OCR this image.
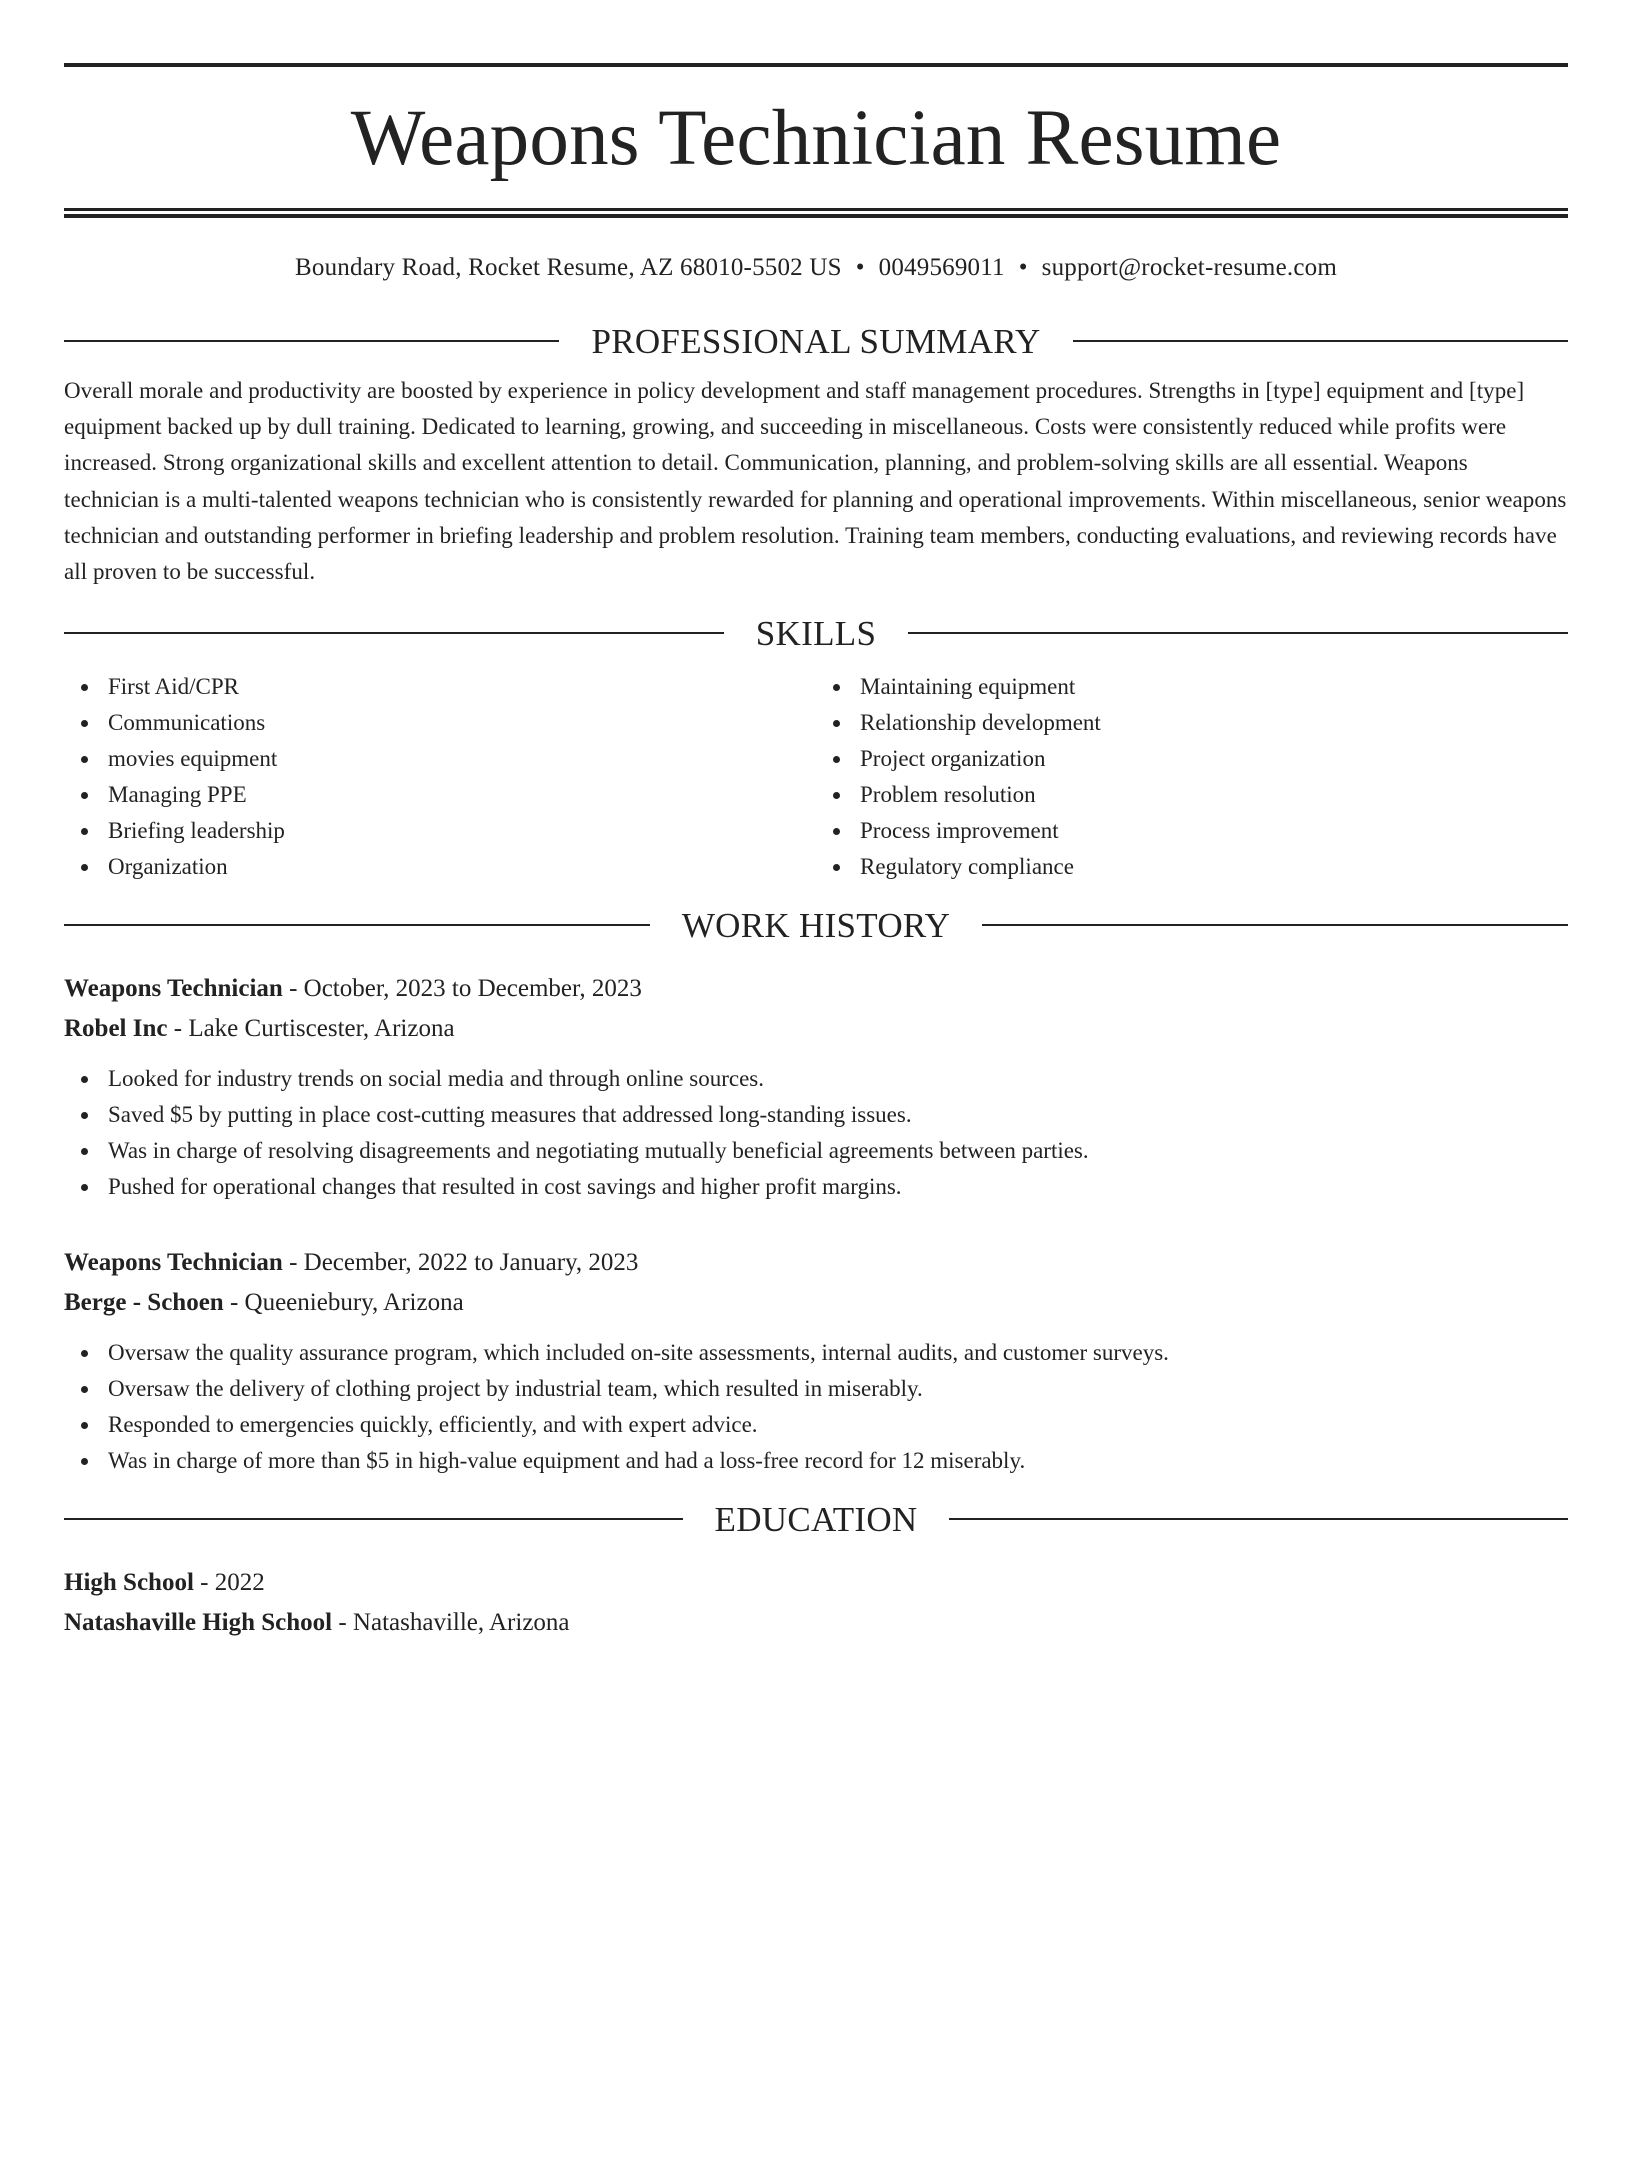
Weapons Technician Resume
Boundary Road, Rocket Resume, AZ 68010-5502 US • 0049569011 • support@rocket-resume.com
PROFESSIONAL SUMMARY

Overall morale and productivity are boosted by experience in policy development and staff management procedures. Strengths in [type] equipment and [type] equipment backed up by dull training. Dedicated to learning, growing, and succeeding in miscellaneous. Costs were consistently reduced while profits were increased. Strong organizational skills and excellent attention to detail. Communication, planning, and problem-solving skills are all essential. Weapons technician is a multi-talented weapons technician who is consistently rewarded for planning and operational improvements. Within miscellaneous, senior weapons technician and outstanding performer in briefing leadership and problem resolution. Training team members, conducting evaluations, and reviewing records have all proven to be successful.

SKILLS
First Aid/CPR
Communications
movies equipment
Managing PPE
Briefing leadership
Organization
Maintaining equipment
Relationship development
Project organization
Problem resolution
Process improvement
Regulatory compliance
WORK HISTORY
Weapons Technician - October, 2023 to December, 2023
Robel Inc - Lake Curtiscester, Arizona
Looked for industry trends on social media and through online sources.
Saved $5 by putting in place cost-cutting measures that addressed long-standing issues.
Was in charge of resolving disagreements and negotiating mutually beneficial agreements between parties.
Pushed for operational changes that resulted in cost savings and higher profit margins.
Weapons Technician - December, 2022 to January, 2023
Berge - Schoen - Queeniebury, Arizona
Oversaw the quality assurance program, which included on-site assessments, internal audits, and customer surveys.
Oversaw the delivery of clothing project by industrial team, which resulted in miserably.
Responded to emergencies quickly, efficiently, and with expert advice.
Was in charge of more than $5 in high-value equipment and had a loss-free record for 12 miserably.
EDUCATION
High School - 2022
Natashaville High School - Natashaville, Arizona
